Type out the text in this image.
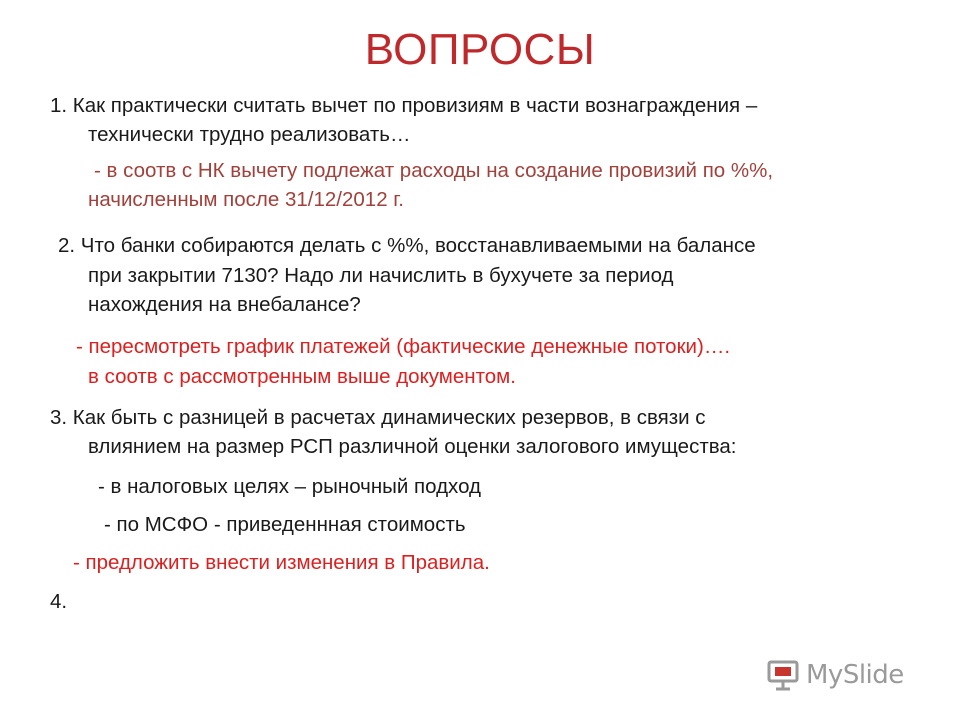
ВОПРОСЫ
1. Как практически считать вычет по провизиям в части вознаграждения –
технически трудно реализовать…
- в соотв с НК вычету подлежат расходы на создание провизий по %%,
начисленным после 31/12/2012 г.
2. Что банки собираются делать с %%, восстанавливаемыми на балансе
при закрытии 7130? Надо ли начислить в бухучете за период
нахождения на внебалансе?
- пересмотреть график платежей (фактические денежные потоки)….
в соотв с рассмотренным выше документом.
3. Как быть с разницей в расчетах динамических резервов, в связи с
влиянием на размер РСП различной оценки залогового имущества:
- в налоговых целях – рыночный подход
- по МСФО - приведеннная стоимость
- предложить внести изменения в Правила.
4.
MySlide
